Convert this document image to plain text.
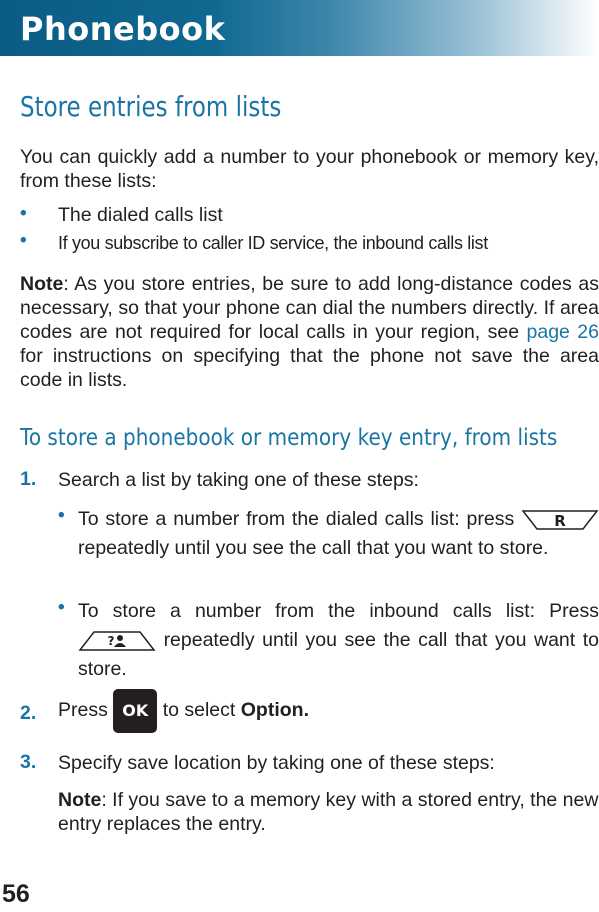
Phonebook
Store entries from lists
You can quickly add a number to your phonebook or memory key, from these lists:
• The dialed calls list
• If you subscribe to caller ID service, the inbound calls list
Note: As you store entries, be sure to add long-distance codes as necessary, so that your phone can dial the numbers directly. If area codes are not required for local calls in your region, see page 26 for instructions on specifying that the phone not save the area code in lists.
To store a phonebook or memory key entry, from lists
1. Search a list by taking one of these steps:
• To store a number from the dialed calls list: press	R
repeatedly until you see the call that you want to store.
• To store a number from the inbound calls list: Press
?	repeatedly until you see the call that you want to store.
2. Press OK to select Option.
3. Specify save location by taking one of these steps:
Note: If you save to a memory key with a stored entry, the new entry replaces the entry.
56
